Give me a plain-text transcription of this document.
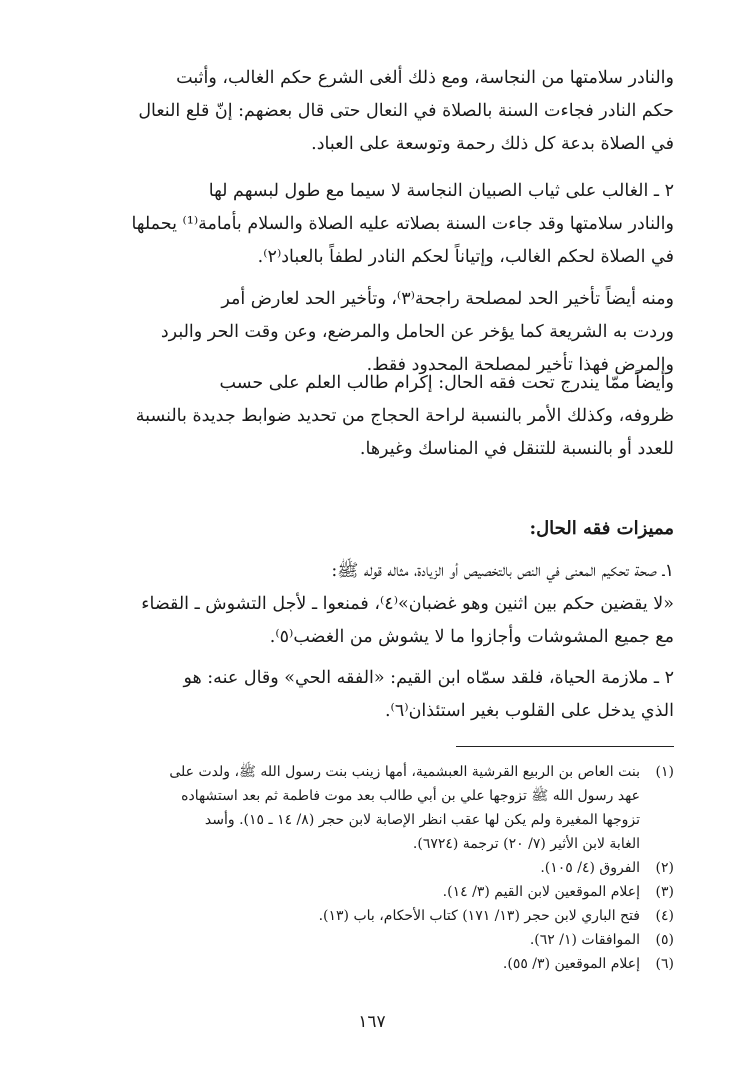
والنادر سلامتها من النجاسة، ومع ذلك ألغى الشرع حكم الغالب، وأثبت
حكم النادر فجاءت السنة بالصلاة في النعال حتى قال بعضهم: إنّ قلع النعال
في الصلاة بدعة كل ذلك رحمة وتوسعة على العباد.

٢ ـ الغالب على ثياب الصبيان النجاسة لا سيما مع طول لبسهم لها
والنادر سلامتها وقد جاءت السنة بصلاته عليه الصلاة والسلام بأمامة⁽¹⁾ يحملها
في الصلاة لحكم الغالب، وإتياناً لحكم النادر لطفاً بالعباد⁽٢⁾.

ومنه أيضاً تأخير الحد لمصلحة راجحة⁽٣⁾، وتأخير الحد لعارض أمر
وردت به الشريعة كما يؤخر عن الحامل والمرضع، وعن وقت الحر والبرد
والمرض فهذا تأخير لمصلحة المحدود فقط.

وأيضاً ممّا يندرج تحت فقه الحال: إكرام طالب العلم على حسب
ظروفه، وكذلك الأمر بالنسبة لراحة الحجاج من تحديد ضوابط جديدة بالنسبة
للعدد أو بالنسبة للتنقل في المناسك وغيرها.

مميزات فقه الحال:

١ـ صحة تحكيم المعنى في النص بالتخصيص أو الزيادة، مثاله قوله ﷺ:
«لا يقضين حكم بين اثنين وهو غضبان»⁽٤⁾، فمنعوا ـ لأجل التشوش ـ القضاء
مع جميع المشوشات وأجازوا ما لا يشوش من الغضب⁽٥⁾.

٢ ـ ملازمة الحياة، فلقد سمّاه ابن القيم: «الفقه الحي» وقال عنه: هو
الذي يدخل على القلوب بغير استئذان⁽٦⁾.

(١)بنت العاص بن الربيع القرشية العبشمية، أمها زينب بنت رسول الله ﷺ، ولدت على
عهد رسول الله ﷺ تزوجها علي بن أبي طالب بعد موت فاطمة ثم بعد استشهاده
تزوجها المغيرة ولم يكن لها عقب انظر الإصابة لابن حجر (٨/ ١٤ ـ ١٥). وأسد
الغابة لابن الأثير (٧/ ٢٠) ترجمة (٦٧٢٤).
(٢)الفروق (٤/ ١٠٥).
(٣)إعلام الموقعين لابن القيم (٣/ ١٤).
(٤)فتح الباري لابن حجر (١٣/ ١٧١) كتاب الأحكام، باب (١٣).
(٥)الموافقات (١/ ٦٢).
(٦)إعلام الموقعين (٣/ ٥٥).
١٦٧
